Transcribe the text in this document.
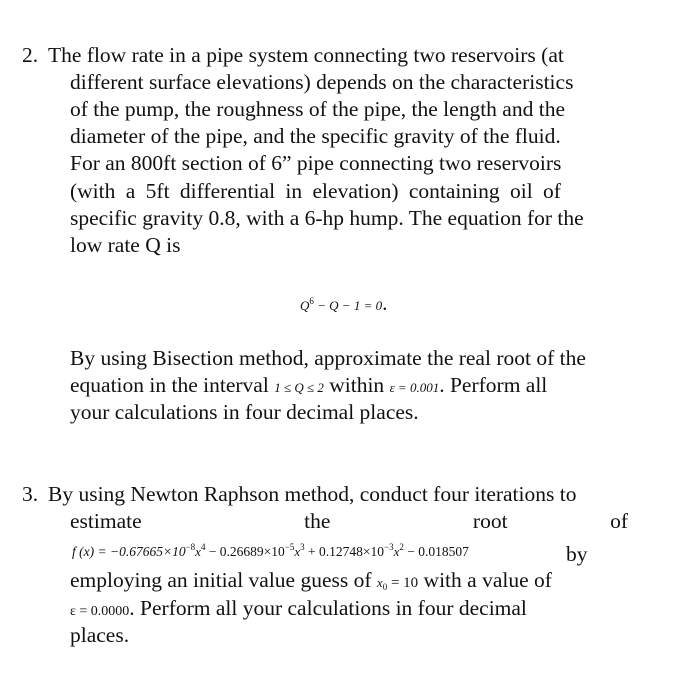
2. The flow rate in a pipe system connecting two reservoirs (at
different surface elevations) depends on the characteristics
of the pump, the roughness of the pipe, the length and the
diameter of the pipe, and the specific gravity of the fluid.
For an 800ft section of 6” pipe connecting two reservoirs
(with a 5ft differential in elevation) containing oil of
specific gravity 0.8, with a 6-hp hump. The equation for the
low rate Q is
$Q^6 - Q - 1 = 0$.
By using Bisection method, approximate the real root of the
equation in the interval 1 ≤ Q ≤ 2 within ε = 0.001. Perform all
your calculations in four decimal places.
3. By using Newton Raphson method, conduct four iterations to
estimate	the	root	of
f $(x) = -0.67665\times 10^{-8}x^4 - 0.26689\times 10^{-5}x^3 + 0.12748\times 10^{-3}x^2 - 0.018507$	by
employing an initial value guess of $x_0 = 10$ with a value of
ε = 0.0000. Perform all your calculations in four decimal
places.
